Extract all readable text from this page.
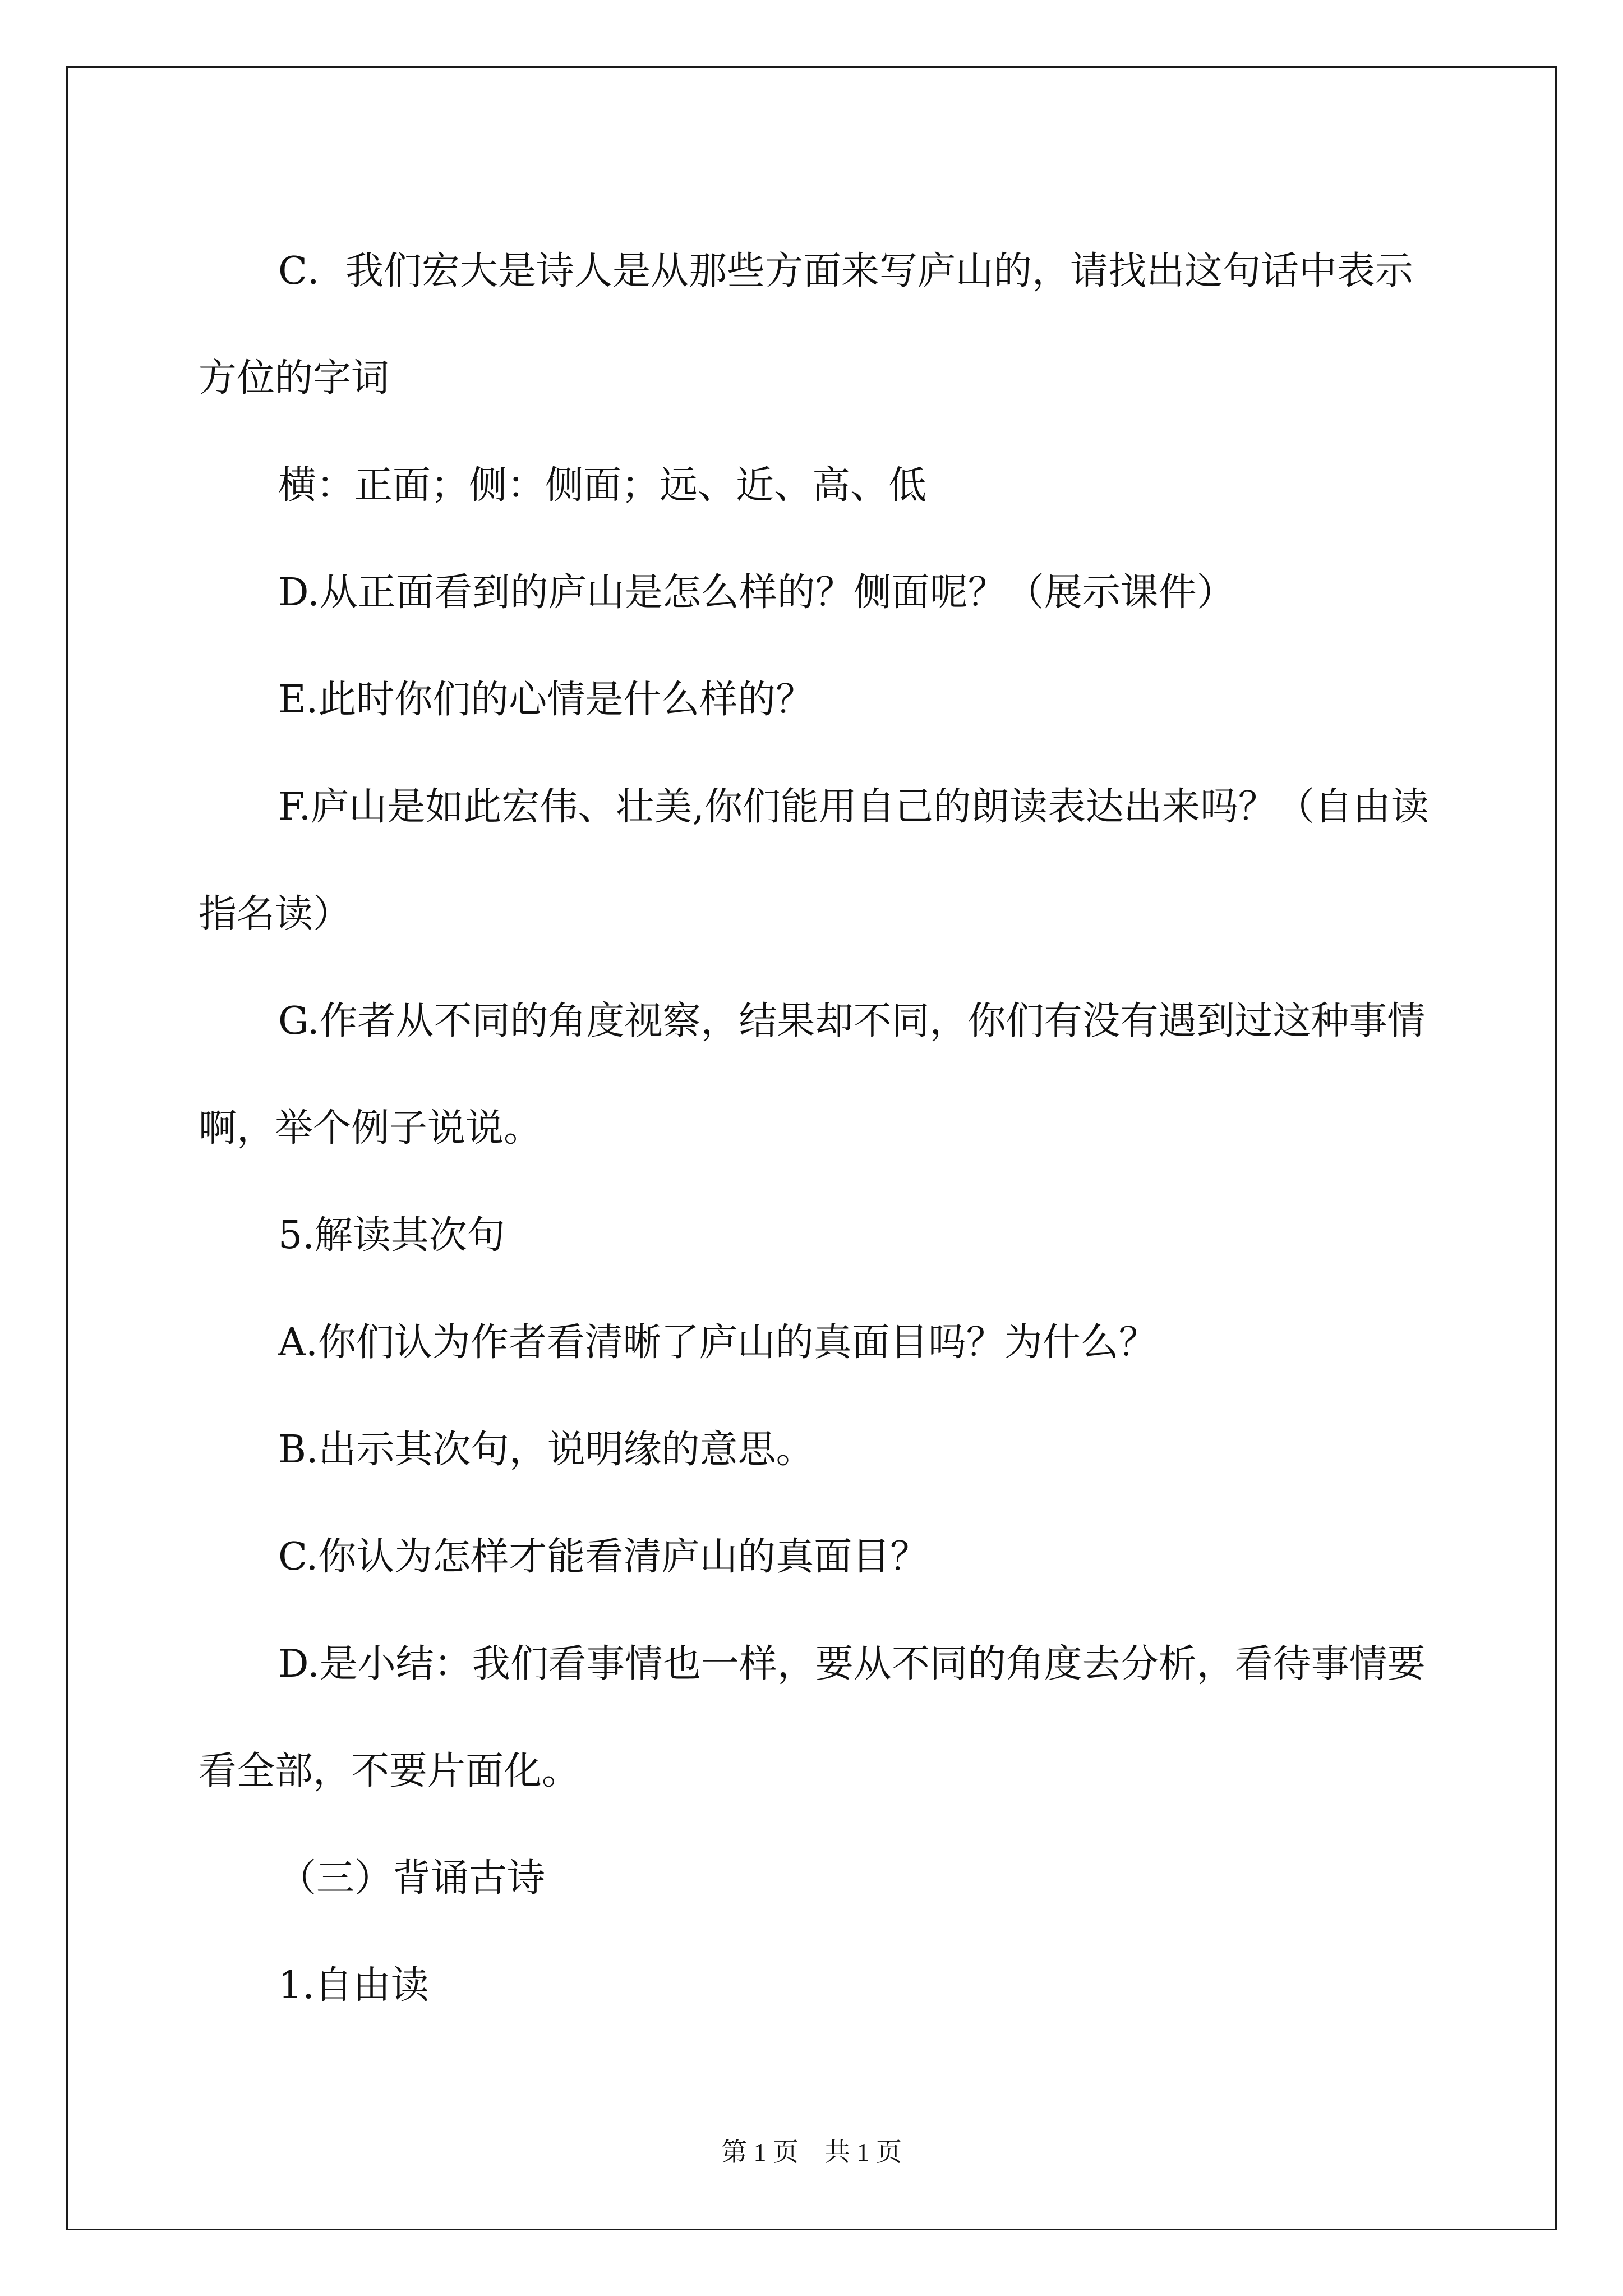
C．我们宏大是诗人是从那些方面来写庐山的，请找出这句话中表示方位的字词

横：正面；侧：侧面；远、近、高、低

D.从正面看到的庐山是怎么样的？侧面呢？（展示课件）

E.此时你们的心情是什么样的？

F.庐山是如此宏伟、壮美,你们能用自己的朗读表达出来吗？（自由读指名读）

G.作者从不同的角度视察，结果却不同，你们有没有遇到过这种事情啊，举个例子说说。

5.解读其次句

A.你们认为作者看清晰了庐山的真面目吗？为什么？

B.出示其次句，说明缘的意思。

C.你认为怎样才能看清庐山的真面目？

D.是小结：我们看事情也一样，要从不同的角度去分析，看待事情要看全部，不要片面化。

（三）背诵古诗

1.自由读

第 1 页　共 1 页
